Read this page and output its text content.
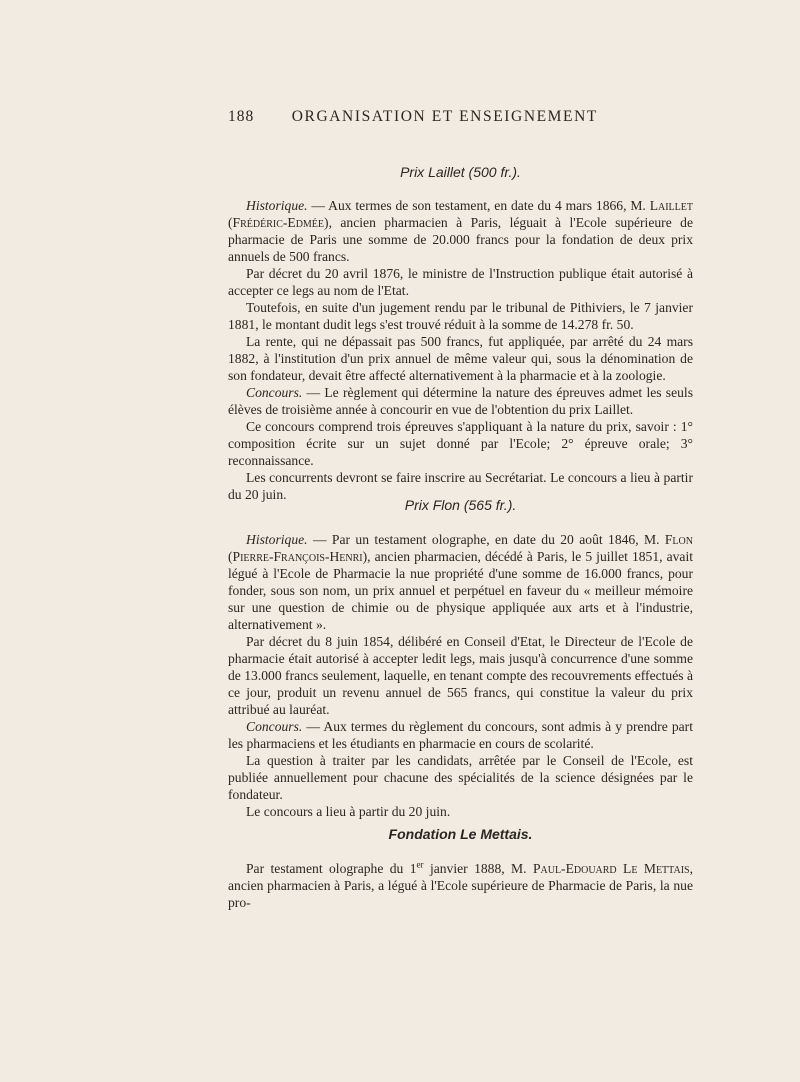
188 ORGANISATION ET ENSEIGNEMENT
Prix Laillet (500 fr.).

Historique. — Aux termes de son testament, en date du 4 mars 1866, M. Laillet (Frédéric-Edmée), ancien pharmacien à Paris, léguait à l'Ecole supérieure de pharmacie de Paris une somme de 20.000 francs pour la fondation de deux prix annuels de 500 francs.

Par décret du 20 avril 1876, le ministre de l'Instruction publique était autorisé à accepter ce legs au nom de l'Etat.

Toutefois, en suite d'un jugement rendu par le tribunal de Pithiviers, le 7 janvier 1881, le montant dudit legs s'est trouvé réduit à la somme de 14.278 fr. 50.

La rente, qui ne dépassait pas 500 francs, fut appliquée, par arrêté du 24 mars 1882, à l'institution d'un prix annuel de même valeur qui, sous la dénomination de son fondateur, devait être affecté alternativement à la pharmacie et à la zoologie.

Concours. — Le règlement qui détermine la nature des épreuves admet les seuls élèves de troisième année à concourir en vue de l'obtention du prix Laillet.

Ce concours comprend trois épreuves s'appliquant à la nature du prix, savoir : 1° composition écrite sur un sujet donné par l'Ecole; 2° épreuve orale; 3° reconnaissance.

Les concurrents devront se faire inscrire au Secrétariat. Le concours a lieu à partir du 20 juin.

Prix Flon (565 fr.).

Historique. — Par un testament olographe, en date du 20 août 1846, M. Flon (Pierre-François-Henri), ancien pharmacien, décédé à Paris, le 5 juillet 1851, avait légué à l'Ecole de Pharmacie la nue propriété d'une somme de 16.000 francs, pour fonder, sous son nom, un prix annuel et perpétuel en faveur du « meilleur mémoire sur une question de chimie ou de physique appliquée aux arts et à l'industrie, alternativement ».

Par décret du 8 juin 1854, délibéré en Conseil d'Etat, le Directeur de l'Ecole de pharmacie était autorisé à accepter ledit legs, mais jusqu'à concurrence d'une somme de 13.000 francs seulement, laquelle, en tenant compte des recouvrements effectués à ce jour, produit un revenu annuel de 565 francs, qui constitue la valeur du prix attribué au lauréat.

Concours. — Aux termes du règlement du concours, sont admis à y prendre part les pharmaciens et les étudiants en pharmacie en cours de scolarité.

La question à traiter par les candidats, arrêtée par le Conseil de l'Ecole, est publiée annuellement pour chacune des spécialités de la science désignées par le fondateur.

Le concours a lieu à partir du 20 juin.

Fondation Le Mettais.

Par testament olographe du 1er janvier 1888, M. Paul-Edouard Le Mettais, ancien pharmacien à Paris, a légué à l'Ecole supérieure de Pharmacie de Paris, la nue pro-
